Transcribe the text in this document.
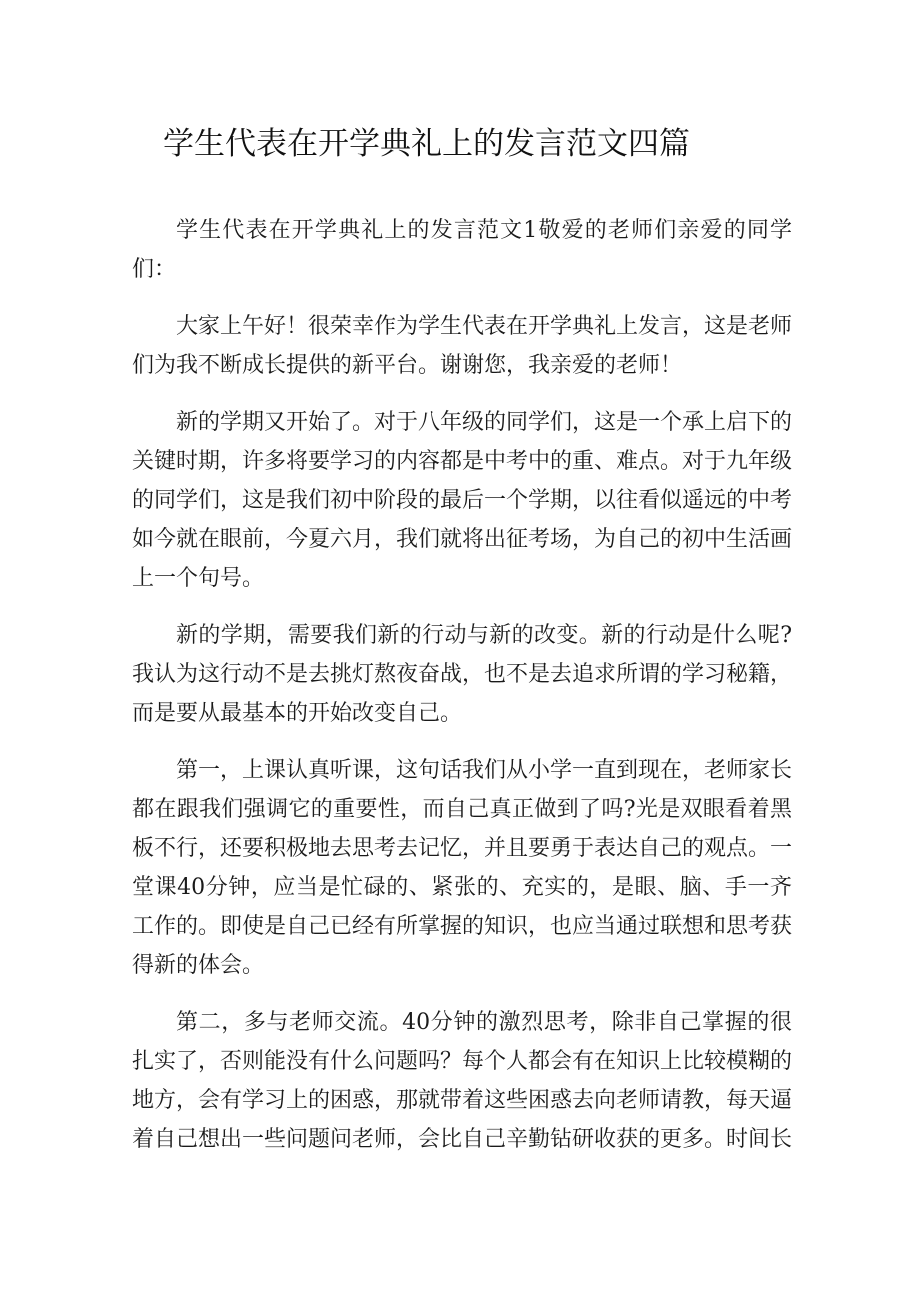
学生代表在开学典礼上的发言范文四篇

学生代表在开学典礼上的发言范文1敬爱的老师们亲爱的同学们：

大家上午好！很荣幸作为学生代表在开学典礼上发言，这是老师们为我不断成长提供的新平台。谢谢您，我亲爱的老师！

新的学期又开始了。对于八年级的同学们，这是一个承上启下的关键时期，许多将要学习的内容都是中考中的重、难点。对于九年级的同学们，这是我们初中阶段的最后一个学期，以往看似遥远的中考如今就在眼前，今夏六月，我们就将出征考场，为自己的初中生活画上一个句号。

新的学期，需要我们新的行动与新的改变。新的行动是什么呢?我认为这行动不是去挑灯熬夜奋战，也不是去追求所谓的学习秘籍，而是要从最基本的开始改变自己。

第一，上课认真听课，这句话我们从小学一直到现在，老师家长都在跟我们强调它的重要性，而自己真正做到了吗?光是双眼看着黑板不行，还要积极地去思考去记忆，并且要勇于表达自己的观点。一堂课40分钟，应当是忙碌的、紧张的、充实的，是眼、脑、手一齐工作的。即使是自己已经有所掌握的知识，也应当通过联想和思考获得新的体会。

第二，多与老师交流。40分钟的激烈思考，除非自己掌握的很扎实了，否则能没有什么问题吗？每个人都会有在知识上比较模糊的地方，会有学习上的困惑，那就带着这些困惑去向老师请教，每天逼着自己想出一些问题问老师，会比自己辛勤钻研收获的更多。时间长
